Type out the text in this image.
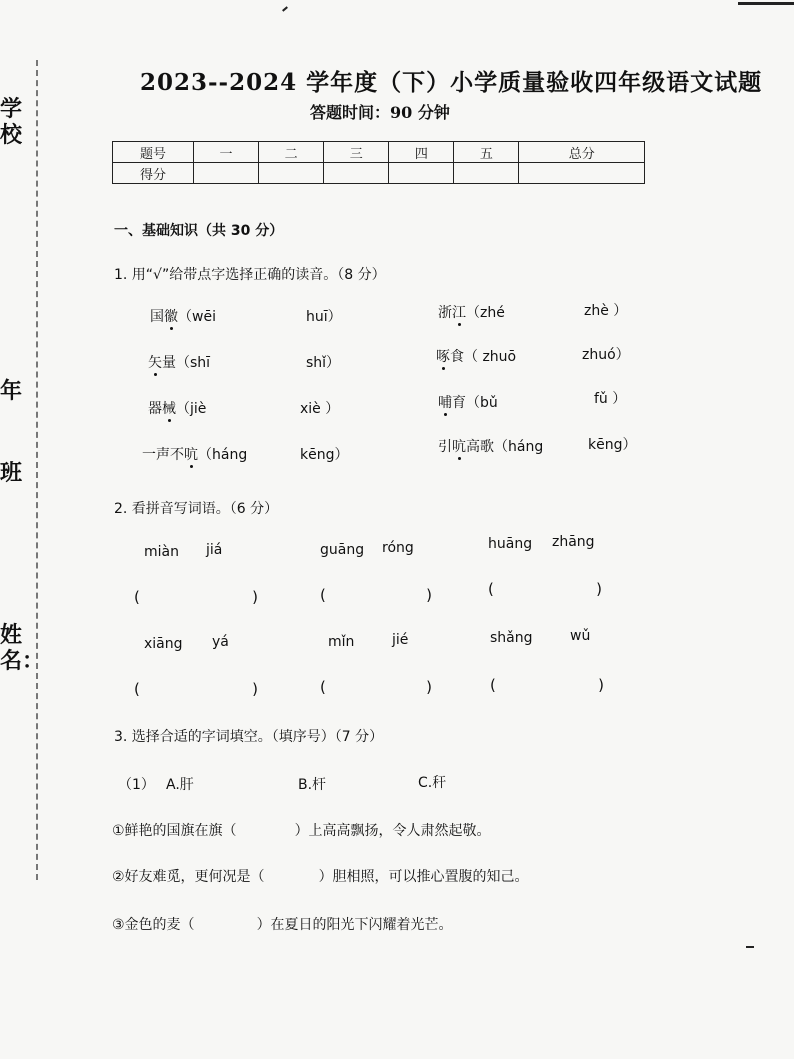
学校
年
班
姓名：
2023--2024 学年度（下）小学质量验收四年级语文试题
答题时间：90 分钟
题号	一	二	三	四	五	总分
得分						
一、基础知识（共 30 分）
1. 用“√”给带点字选择正确的读音。（8 分）
国徽（wēi	huī）
矢量（shī	shǐ）
器械（jiè	xiè ）
一声不吭（háng	kēng）
浙江（zhé	zhè ）
啄食（ zhuō	zhuó）
哺育（bǔ	fǔ ）
引吭高歌（háng	kēng）
2. 看拼音写词语。（6 分）
miàn jiá	guāng róng	huāng zhāng
(	)	(	)	(	)
xiāng yá	mǐn	jié	shǎng	wǔ
(	)	(	)	(	)
3. 选择合适的字词填空。（填序号）（7 分）
（1） A.肝	B.杆	C.秆
①鲜艳的国旗在旗（	）上高高飘扬，令人肃然起敬。
②好友难觅，更何况是（	）胆相照，可以推心置腹的知己。
③金色的麦（	）在夏日的阳光下闪耀着光芒。
